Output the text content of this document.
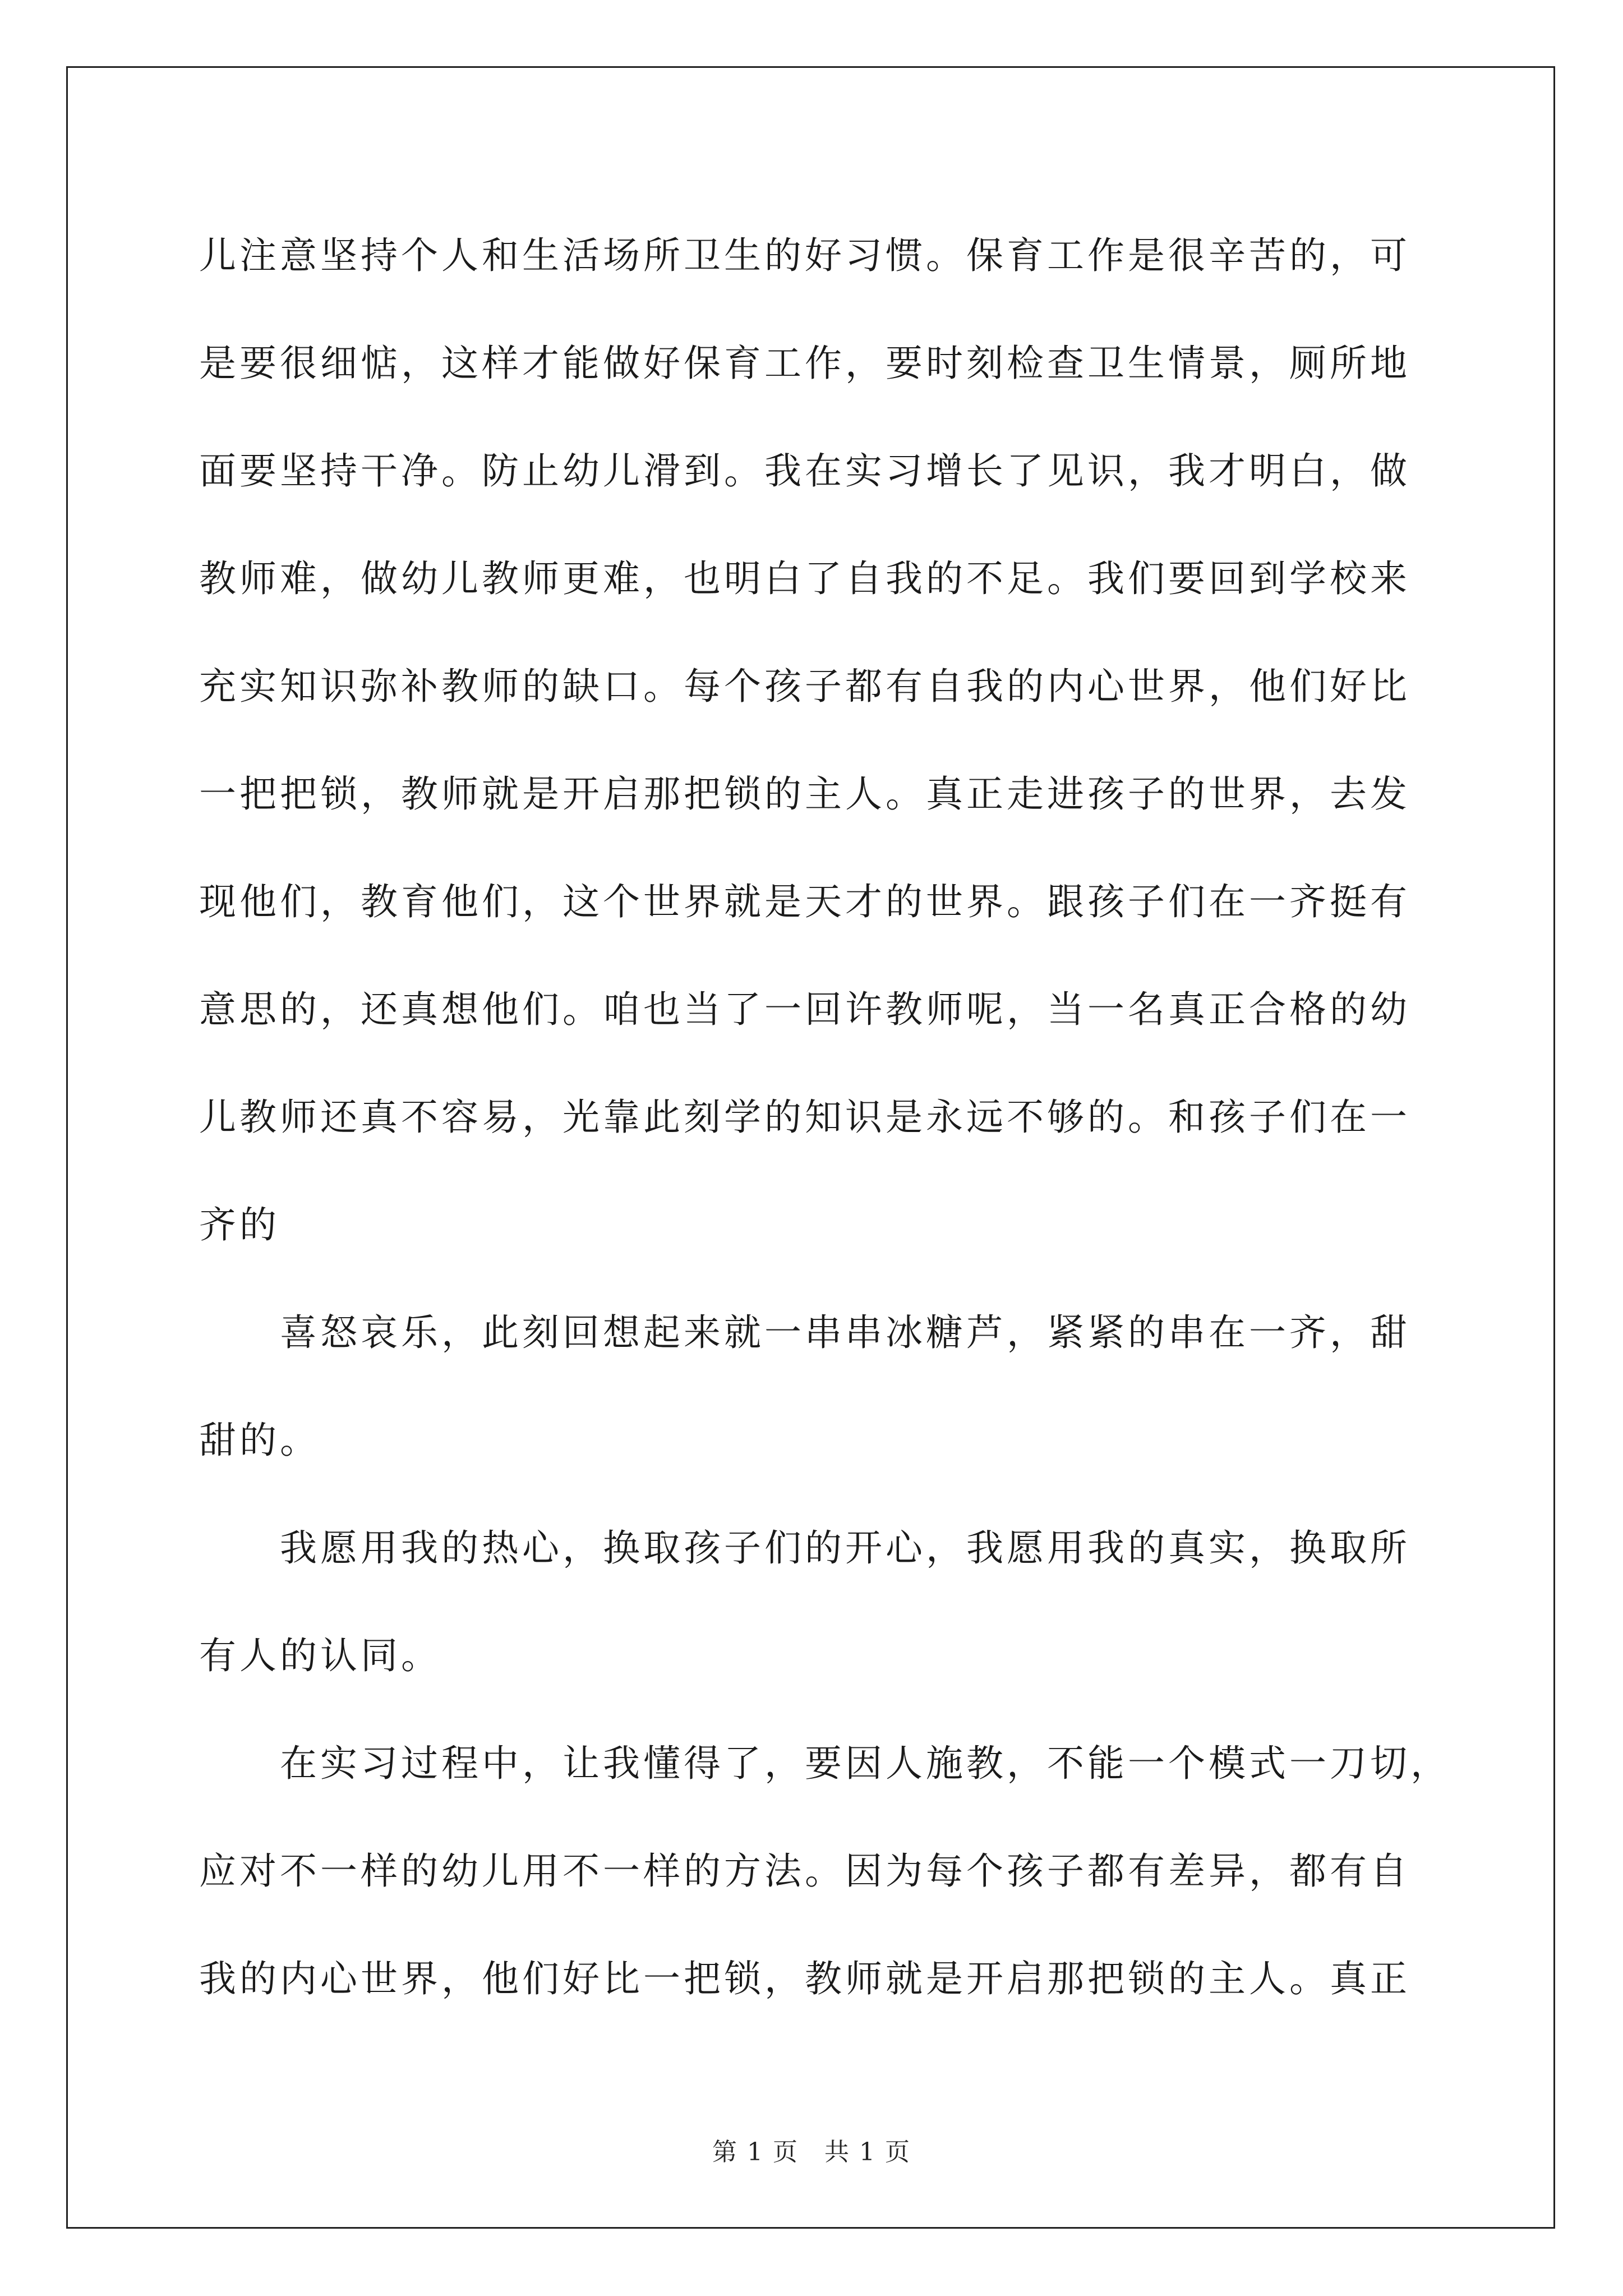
儿注意坚持个人和生活场所卫生的好习惯。保育工作是很辛苦的，可
是要很细惦，这样才能做好保育工作，要时刻检查卫生情景，厕所地
面要坚持干净。防止幼儿滑到。我在实习增长了见识，我才明白，做
教师难，做幼儿教师更难，也明白了自我的不足。我们要回到学校来
充实知识弥补教师的缺口。每个孩子都有自我的内心世界，他们好比
一把把锁，教师就是开启那把锁的主人。真正走进孩子的世界，去发
现他们，教育他们，这个世界就是天才的世界。跟孩子们在一齐挺有
意思的，还真想他们。咱也当了一回许教师呢，当一名真正合格的幼
儿教师还真不容易，光靠此刻学的知识是永远不够的。和孩子们在一
齐的
　　喜怒哀乐，此刻回想起来就一串串冰糖芦，紧紧的串在一齐，甜
甜的。
　　我愿用我的热心，换取孩子们的开心，我愿用我的真实，换取所
有人的认同。
　　在实习过程中，让我懂得了，要因人施教，不能一个模式一刀切，
应对不一样的幼儿用不一样的方法。因为每个孩子都有差异，都有自
我的内心世界，他们好比一把锁，教师就是开启那把锁的主人。真正
第 1 页 共 1 页
